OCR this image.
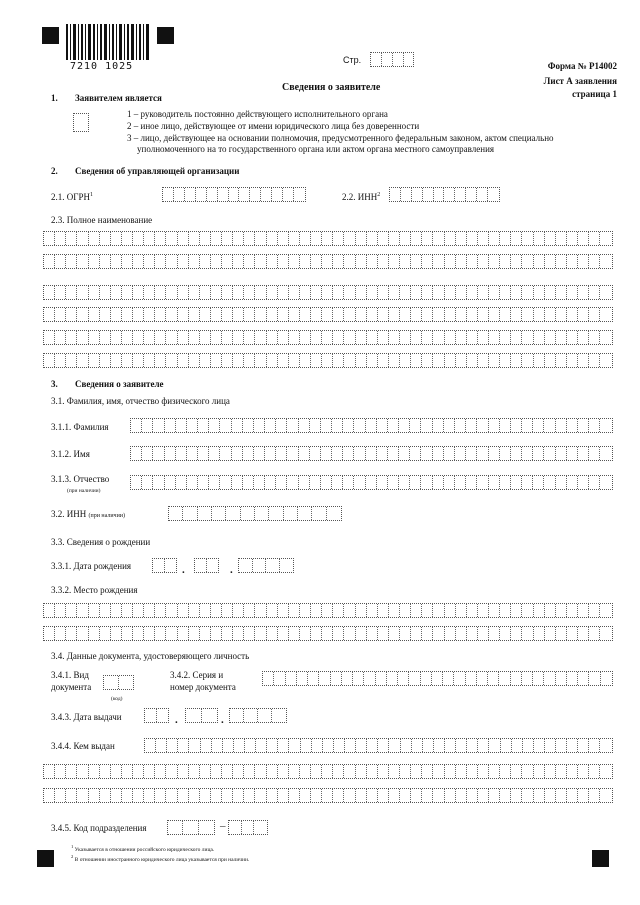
7210 1025
Стр.
Форма № Р14002
Лист А заявления
страница 1
Сведения о заявителе
1. Заявителем является
1 – руководитель постоянно действующего исполнительного органа
2 – иное лицо, действующее от имени юридического лица без доверенности
3 – лицо, действующее на основании полномочия, предусмотренного федеральным законом, актом специально
уполномоченного на то государственного органа или актом органа местного самоуправления
2. Сведения об управляющей организации
2.1. ОГРН$^1$	2.2. ИНН$^2$
2.3. Полное наименование
3. Сведения о заявителе
3.1. Фамилия, имя, отчество физического лица
3.1.1. Фамилия
3.1.2. Имя
3.1.3. Отчество
(при наличии)
3.2. ИНН (при наличии)
3.3. Сведения о рождении
3.3.1. Дата рождения	.	.
3.3.2. Место рождения
3.4. Данные документа, удостоверяющего личность
3.4.1. Вид
документа
(код)
3.4.2. Серия и
номер документа
3.4.3. Дата выдачи	.	.
3.4.4. Кем выдан
3.4.5. Код подразделения	–
$^1$ Указывается в отношении российского юридического лица.
$^2$ В отношении иностранного юридического лица указывается при наличии.
